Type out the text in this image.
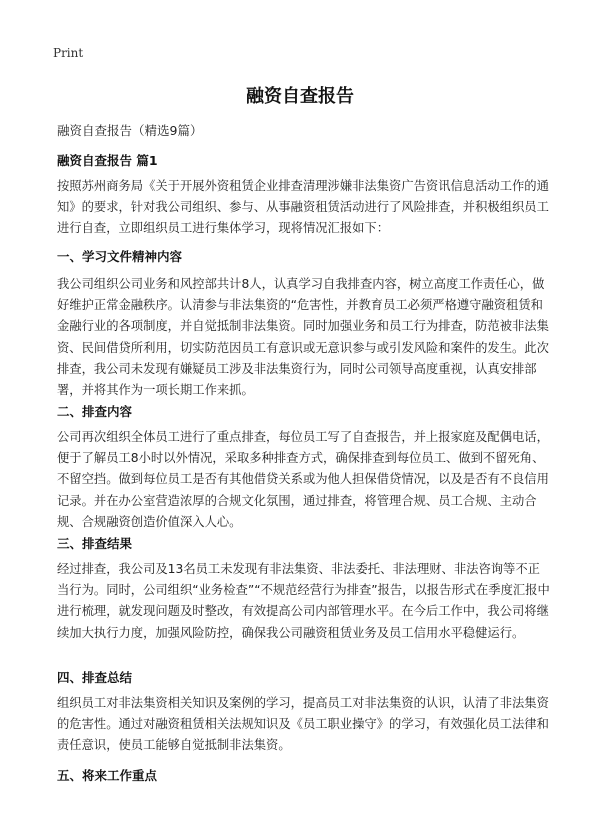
Print
融资自查报告
融资自查报告（精选9篇）
融资自查报告 篇1

按照苏州商务局《关于开展外资租赁企业排查清理涉嫌非法集资广告资讯信息活动工作的通知》的要求，针对我公司组织、参与、从事融资租赁活动进行了风险排查，并积极组织员工进行自查，立即组织员工进行集体学习，现将情况汇报如下：

一、学习文件精神内容

我公司组织公司业务和风控部共计8人，认真学习自我排查内容，树立高度工作责任心，做好维护正常金融秩序。认清参与非法集资的“危害性，并教育员工必须严格遵守融资租赁和金融行业的各项制度，并自觉抵制非法集资。同时加强业务和员工行为排查，防范被非法集资、民间借贷所利用，切实防范因员工有意识或无意识参与或引发风险和案件的发生。此次排查，我公司未发现有嫌疑员工涉及非法集资行为，同时公司领导高度重视，认真安排部署，并将其作为一项长期工作来抓。

二、排查内容

公司再次组织全体员工进行了重点排查，每位员工写了自查报告，并上报家庭及配偶电话，便于了解员工8小时以外情况，采取多种排查方式，确保排查到每位员工、做到不留死角、不留空挡。做到每位员工是否有其他借贷关系或为他人担保借贷情况，以及是否有不良信用记录。并在办公室营造浓厚的合规文化氛围，通过排查，将管理合规、员工合规、主动合规、合规融资创造价值深入人心。

三、排查结果

经过排查，我公司及13名员工未发现有非法集资、非法委托、非法理财、非法咨询等不正当行为。同时，公司组织“业务检查”“不规范经营行为排查”报告，以报告形式在季度汇报中进行梳理，就发现问题及时整改，有效提高公司内部管理水平。在今后工作中，我公司将继续加大执行力度，加强风险防控，确保我公司融资租赁业务及员工信用水平稳健运行。

四、排查总结

组织员工对非法集资相关知识及案例的学习，提高员工对非法集资的认识，认清了非法集资的危害性。通过对融资租赁相关法规知识及《员工职业操守》的学习，有效强化员工法律和责任意识，使员工能够自觉抵制非法集资。

五、将来工作重点
